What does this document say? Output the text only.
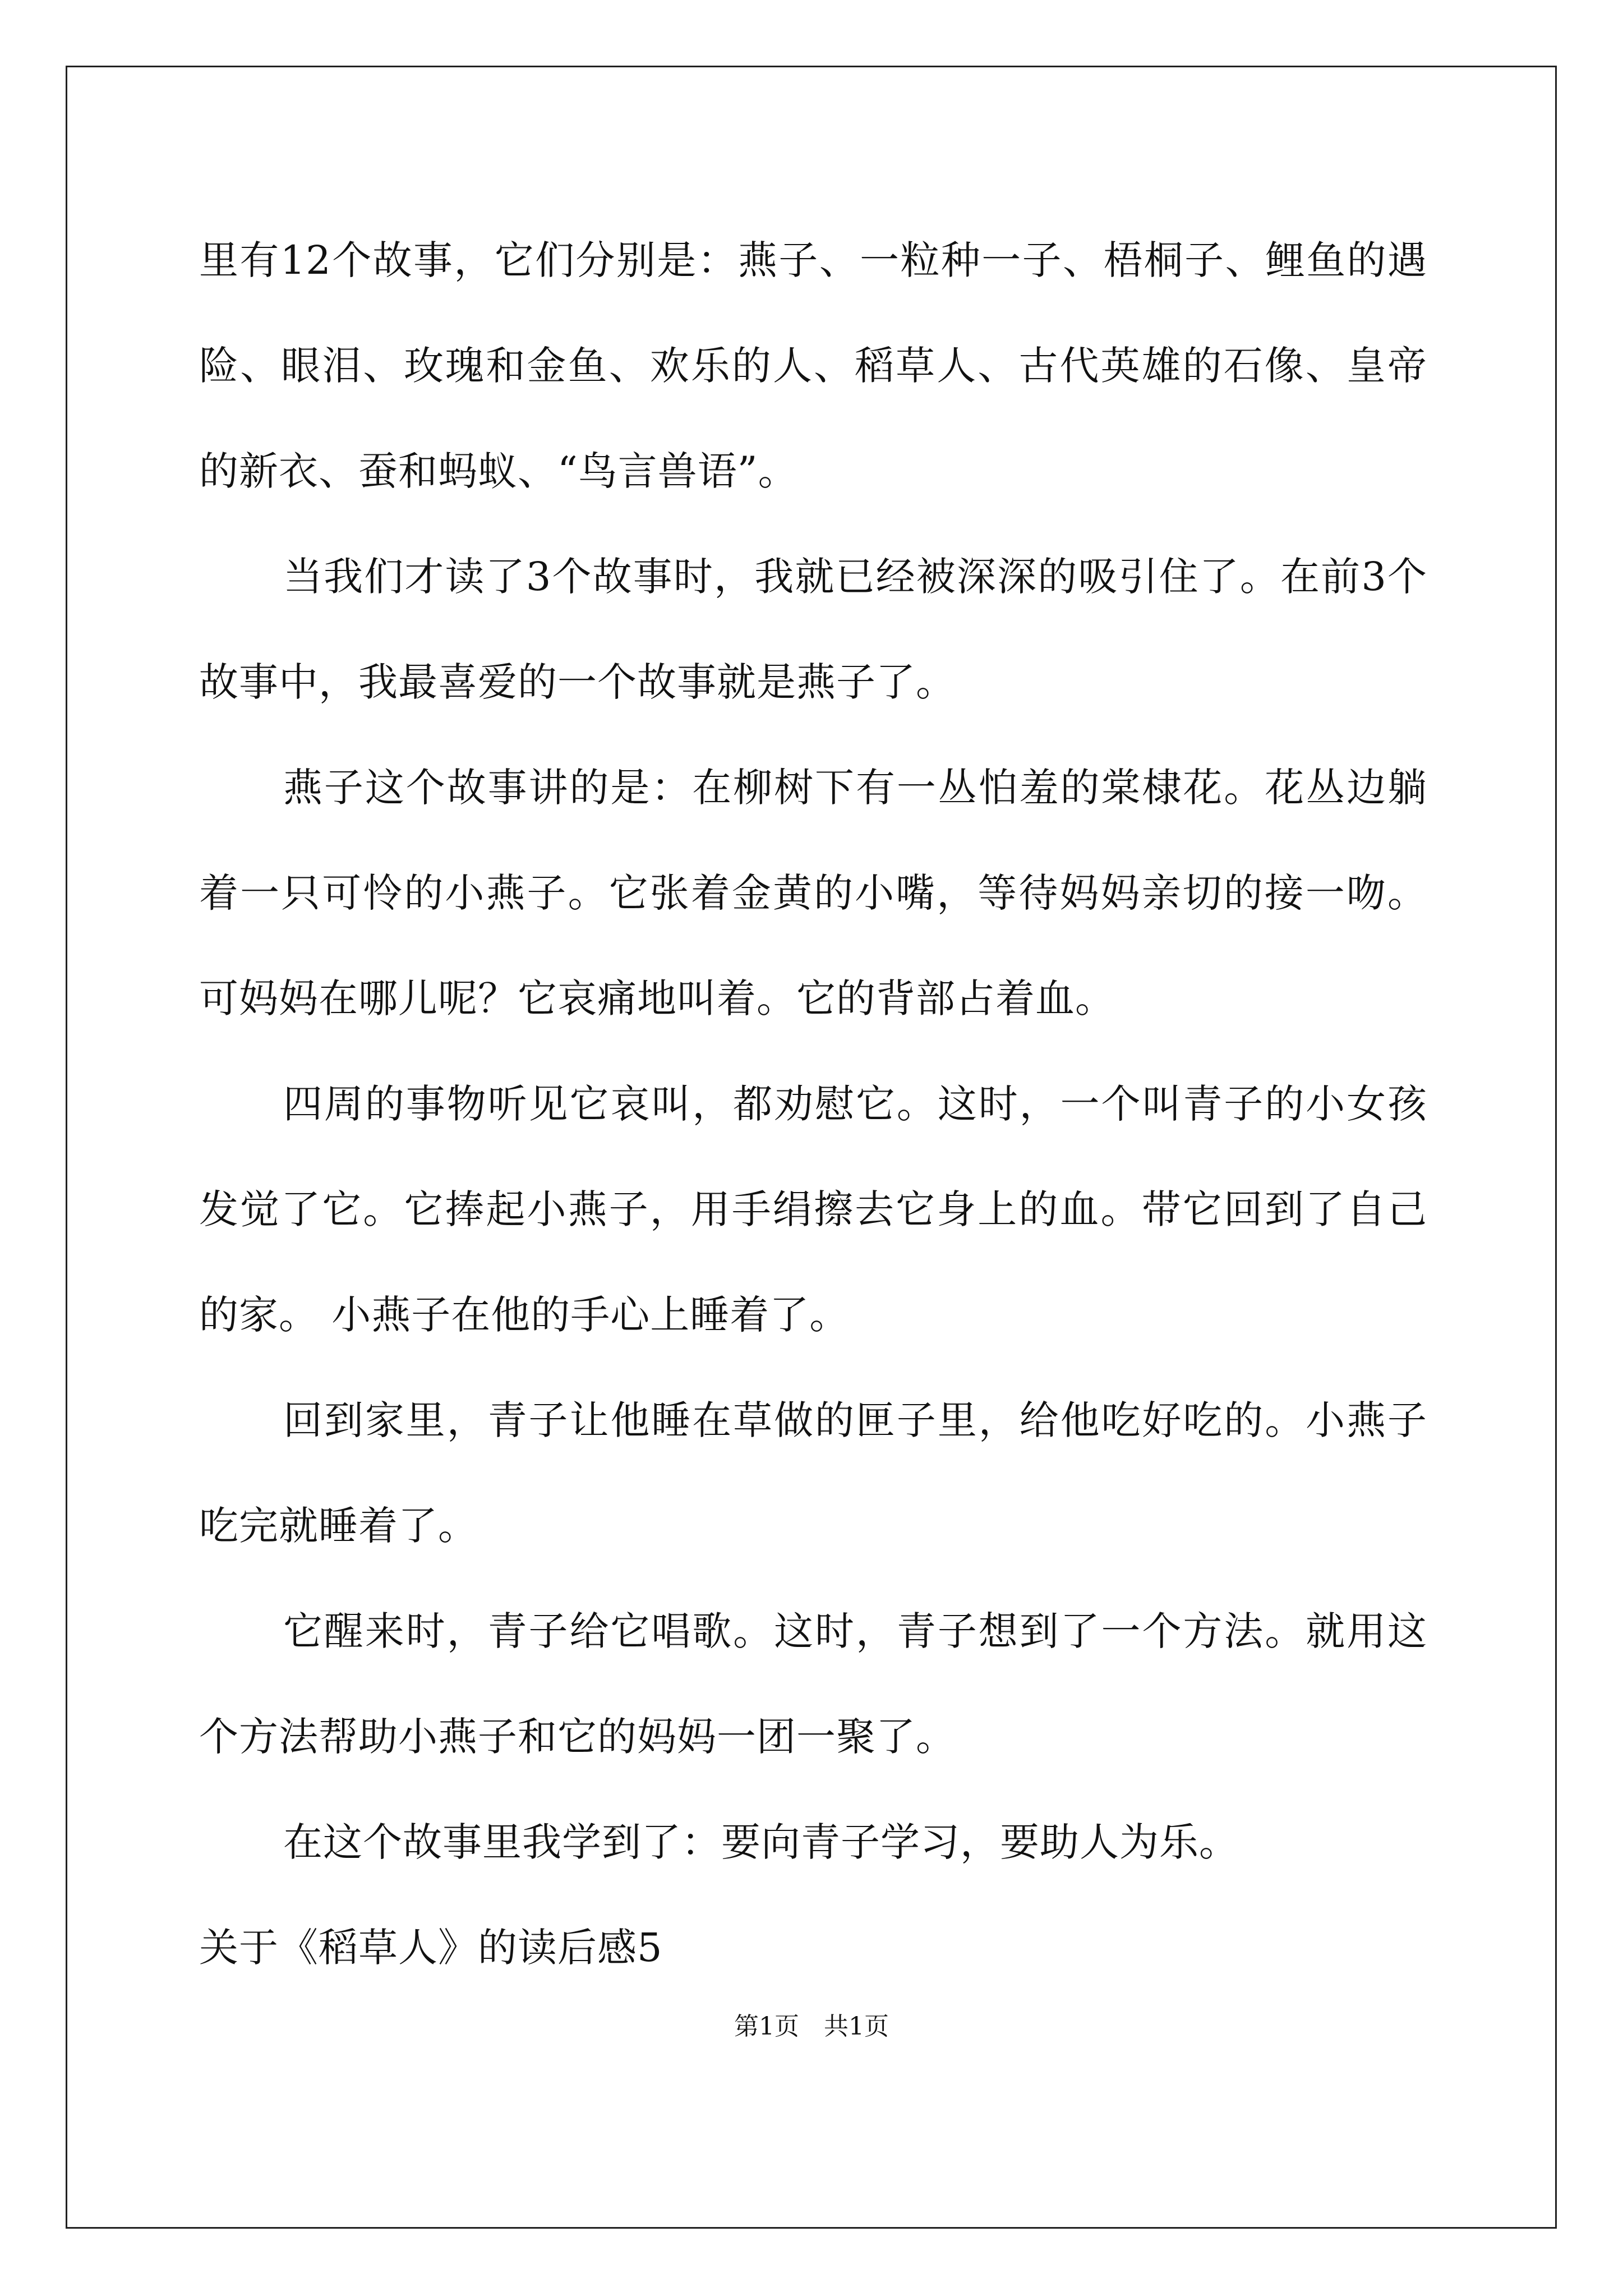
里有12个故事，它们分别是：燕子、一粒种一子、梧桐子、鲤鱼的遇险、眼泪、玫瑰和金鱼、欢乐的人、稻草人、古代英雄的石像、皇帝的新衣、蚕和蚂蚁、“鸟言兽语”。

当我们才读了3个故事时，我就已经被深深的吸引住了。在前3个故事中，我最喜爱的一个故事就是燕子了。

燕子这个故事讲的是：在柳树下有一丛怕羞的棠棣花。花丛边躺着一只可怜的小燕子。它张着金黄的小嘴，等待妈妈亲切的接一吻。可妈妈在哪儿呢？它哀痛地叫着。它的背部占着血。

四周的事物听见它哀叫，都劝慰它。这时，一个叫青子的小女孩发觉了它。它捧起小燕子，用手绢擦去它身上的血。带它回到了自己的家。 小燕子在他的手心上睡着了。

回到家里，青子让他睡在草做的匣子里，给他吃好吃的。小燕子吃完就睡着了。

它醒来时，青子给它唱歌。这时，青子想到了一个方法。就用这个方法帮助小燕子和它的妈妈一团一聚了。

在这个故事里我学到了：要向青子学习，要助人为乐。

关于《稻草人》的读后感5
第1页　共1页
